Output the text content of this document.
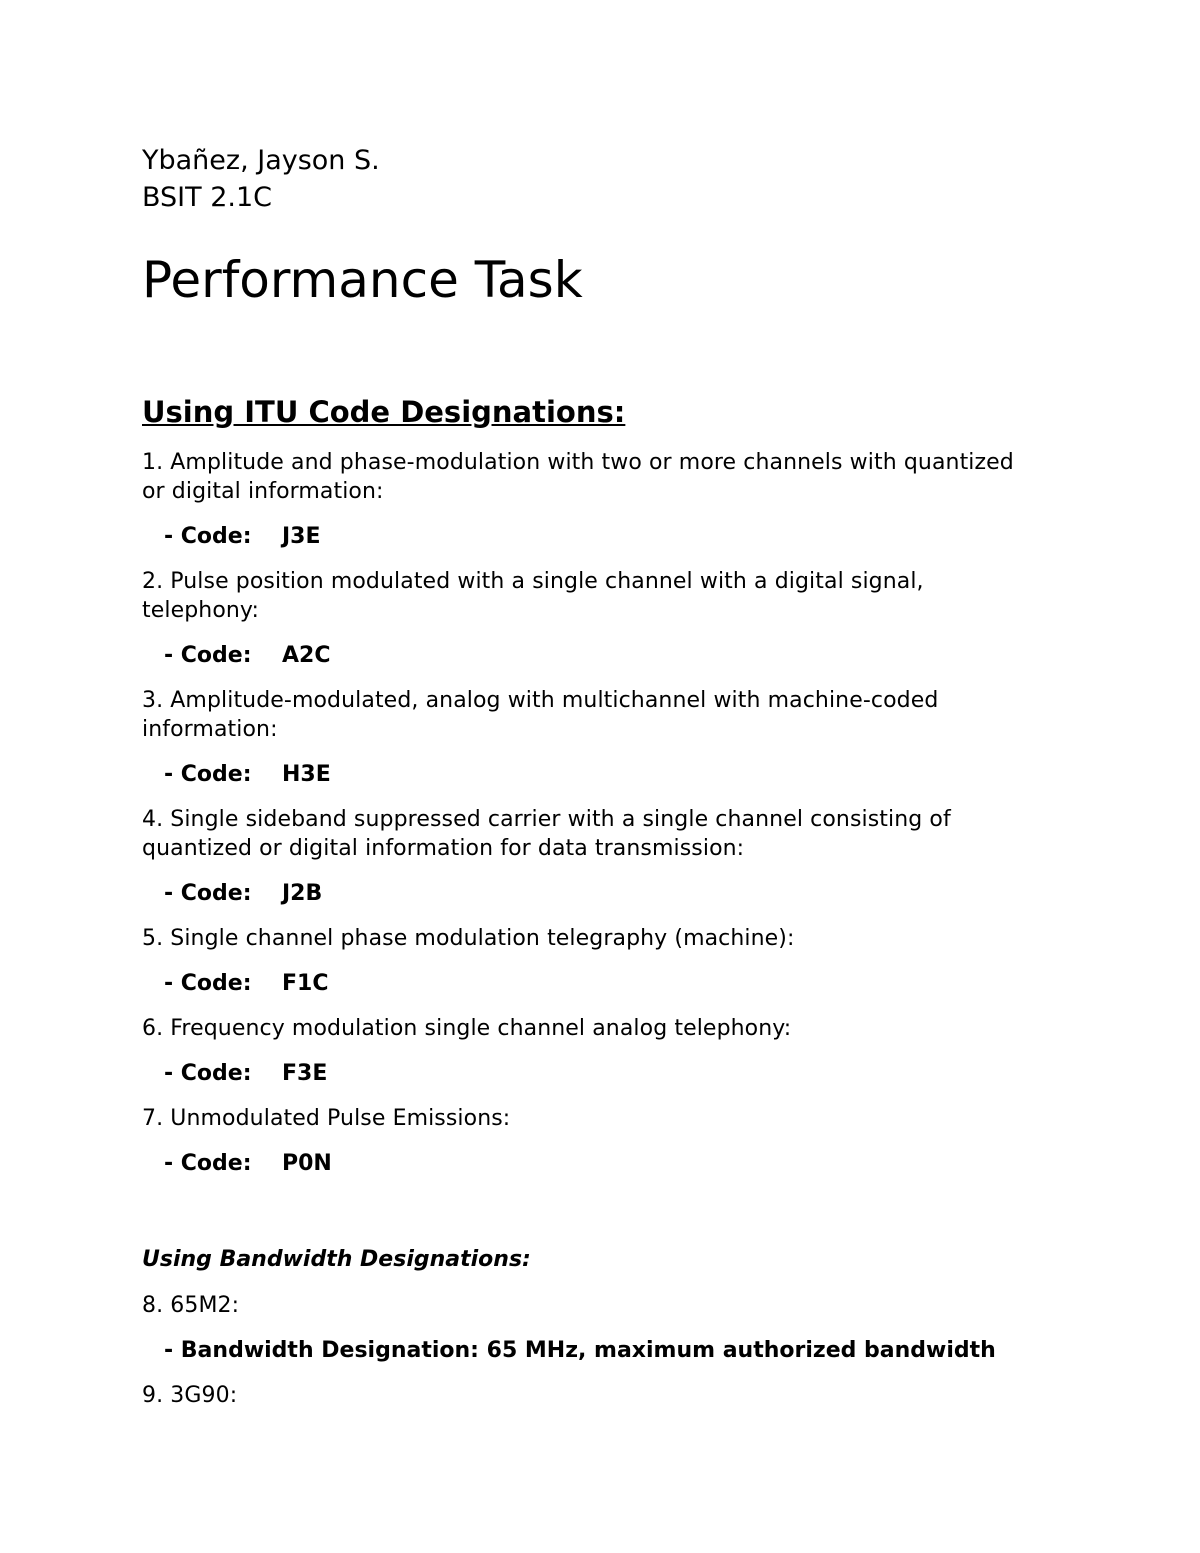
Ybañez, Jayson S.
BSIT 2.1C
Performance Task
Using ITU Code Designations:

1. Amplitude and phase-modulation with two or more channels with quantized or digital information:

- Code: J3E

2. Pulse position modulated with a single channel with a digital signal, telephony:

- Code: A2C

3. Amplitude-modulated, analog with multichannel with machine-coded information:

- Code: H3E

4. Single sideband suppressed carrier with a single channel consisting of quantized or digital information for data transmission:

- Code: J2B

5. Single channel phase modulation telegraphy (machine):

- Code: F1C

6. Frequency modulation single channel analog telephony:

- Code: F3E

7. Unmodulated Pulse Emissions:

- Code: P0N
Using Bandwidth Designations:

8. 65M2:

- Bandwidth Designation: 65 MHz, maximum authorized bandwidth

9. 3G90:
